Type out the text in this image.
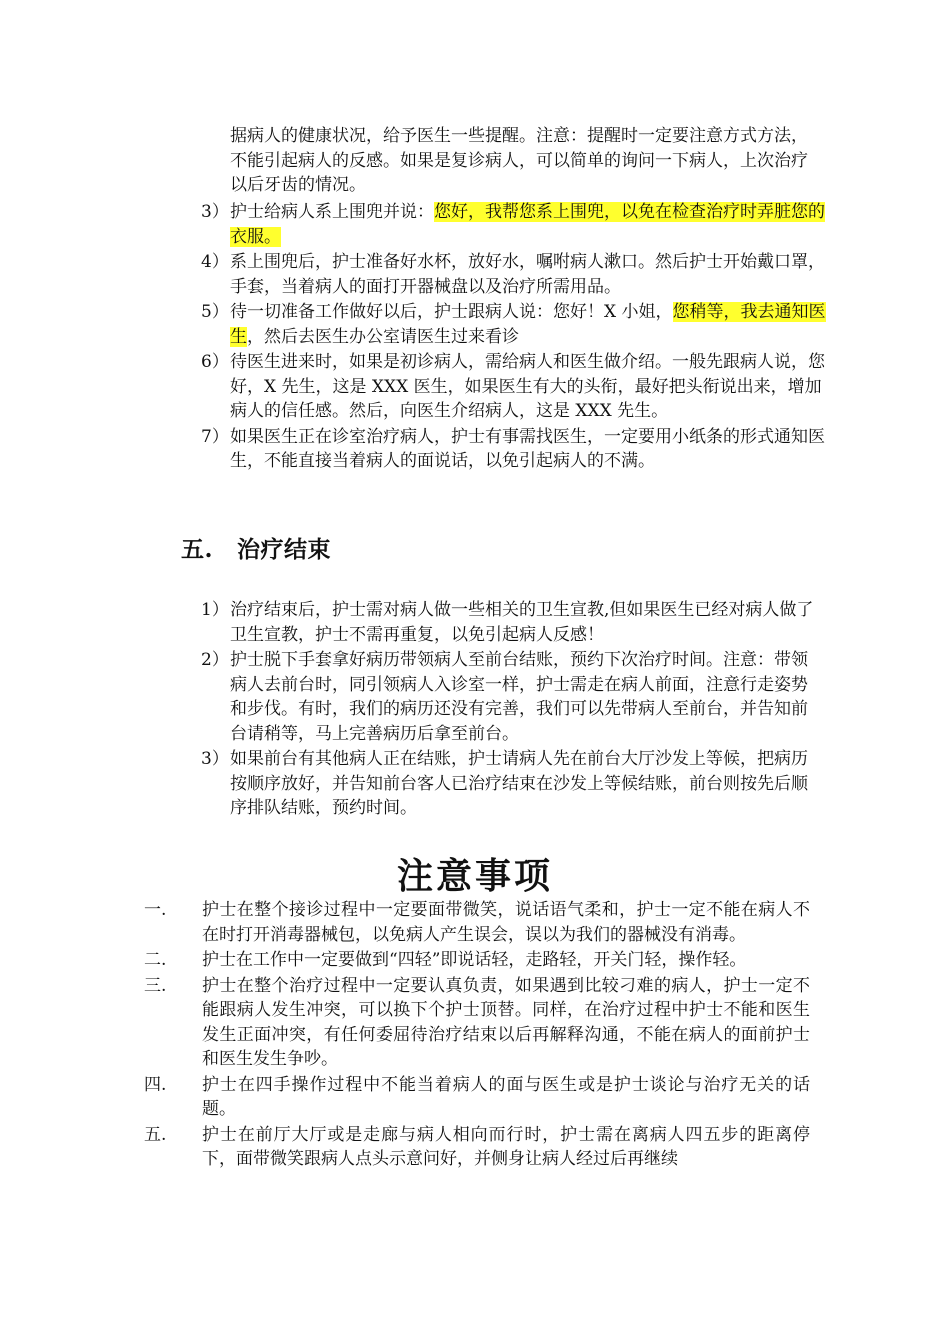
据病人的健康状况，给予医生一些提醒。注意：提醒时一定要注意方式方法，不能引起病人的反感。如果是复诊病人，可以简单的询问一下病人，上次治疗以后牙齿的情况。
3） 护士给病人系上围兜并说：您好，我帮您系上围兜，以免在检查治疗时弄脏您的衣服。
4） 系上围兜后，护士准备好水杯，放好水，嘱咐病人漱口。然后护士开始戴口罩，手套，当着病人的面打开器械盘以及治疗所需用品。
5） 待一切准备工作做好以后，护士跟病人说：您好！X 小姐，您稍等，我去通知医生，然后去医生办公室请医生过来看诊
6） 待医生进来时，如果是初诊病人，需给病人和医生做介绍。一般先跟病人说，您好，X 先生，这是 XXX 医生，如果医生有大的头衔，最好把头衔说出来，增加病人的信任感。然后，向医生介绍病人，这是 XXX 先生。
7） 如果医生正在诊室治疗病人，护士有事需找医生，一定要用小纸条的形式通知医生，不能直接当着病人的面说话，以免引起病人的不满。
五. 治疗结束
1） 治疗结束后，护士需对病人做一些相关的卫生宣教,但如果医生已经对病人做了卫生宣教，护士不需再重复，以免引起病人反感！
2） 护士脱下手套拿好病历带领病人至前台结账，预约下次治疗时间。注意：带领病人去前台时，同引领病人入诊室一样，护士需走在病人前面，注意行走姿势和步伐。有时，我们的病历还没有完善，我们可以先带病人至前台，并告知前台请稍等，马上完善病历后拿至前台。
3） 如果前台有其他病人正在结账，护士请病人先在前台大厅沙发上等候，把病历按顺序放好，并告知前台客人已治疗结束在沙发上等候结账，前台则按先后顺序排队结账，预约时间。
注意事项
一.	护士在整个接诊过程中一定要面带微笑，说话语气柔和，护士一定不能在病人不在时打开消毒器械包，以免病人产生误会，误以为我们的器械没有消毒。
二.	护士在工作中一定要做到“四轻”即说话轻，走路轻，开关门轻，操作轻。
三.	护士在整个治疗过程中一定要认真负责，如果遇到比较刁难的病人，护士一定不能跟病人发生冲突，可以换下个护士顶替。同样，在治疗过程中护士不能和医生发生正面冲突，有任何委屈待治疗结束以后再解释沟通，不能在病人的面前护士和医生发生争吵。
四.	护士在四手操作过程中不能当着病人的面与医生或是护士谈论与治疗无关的话题。
五.	护士在前厅大厅或是走廊与病人相向而行时，护士需在离病人四五步的距离停下，面带微笑跟病人点头示意问好，并侧身让病人经过后再继续
